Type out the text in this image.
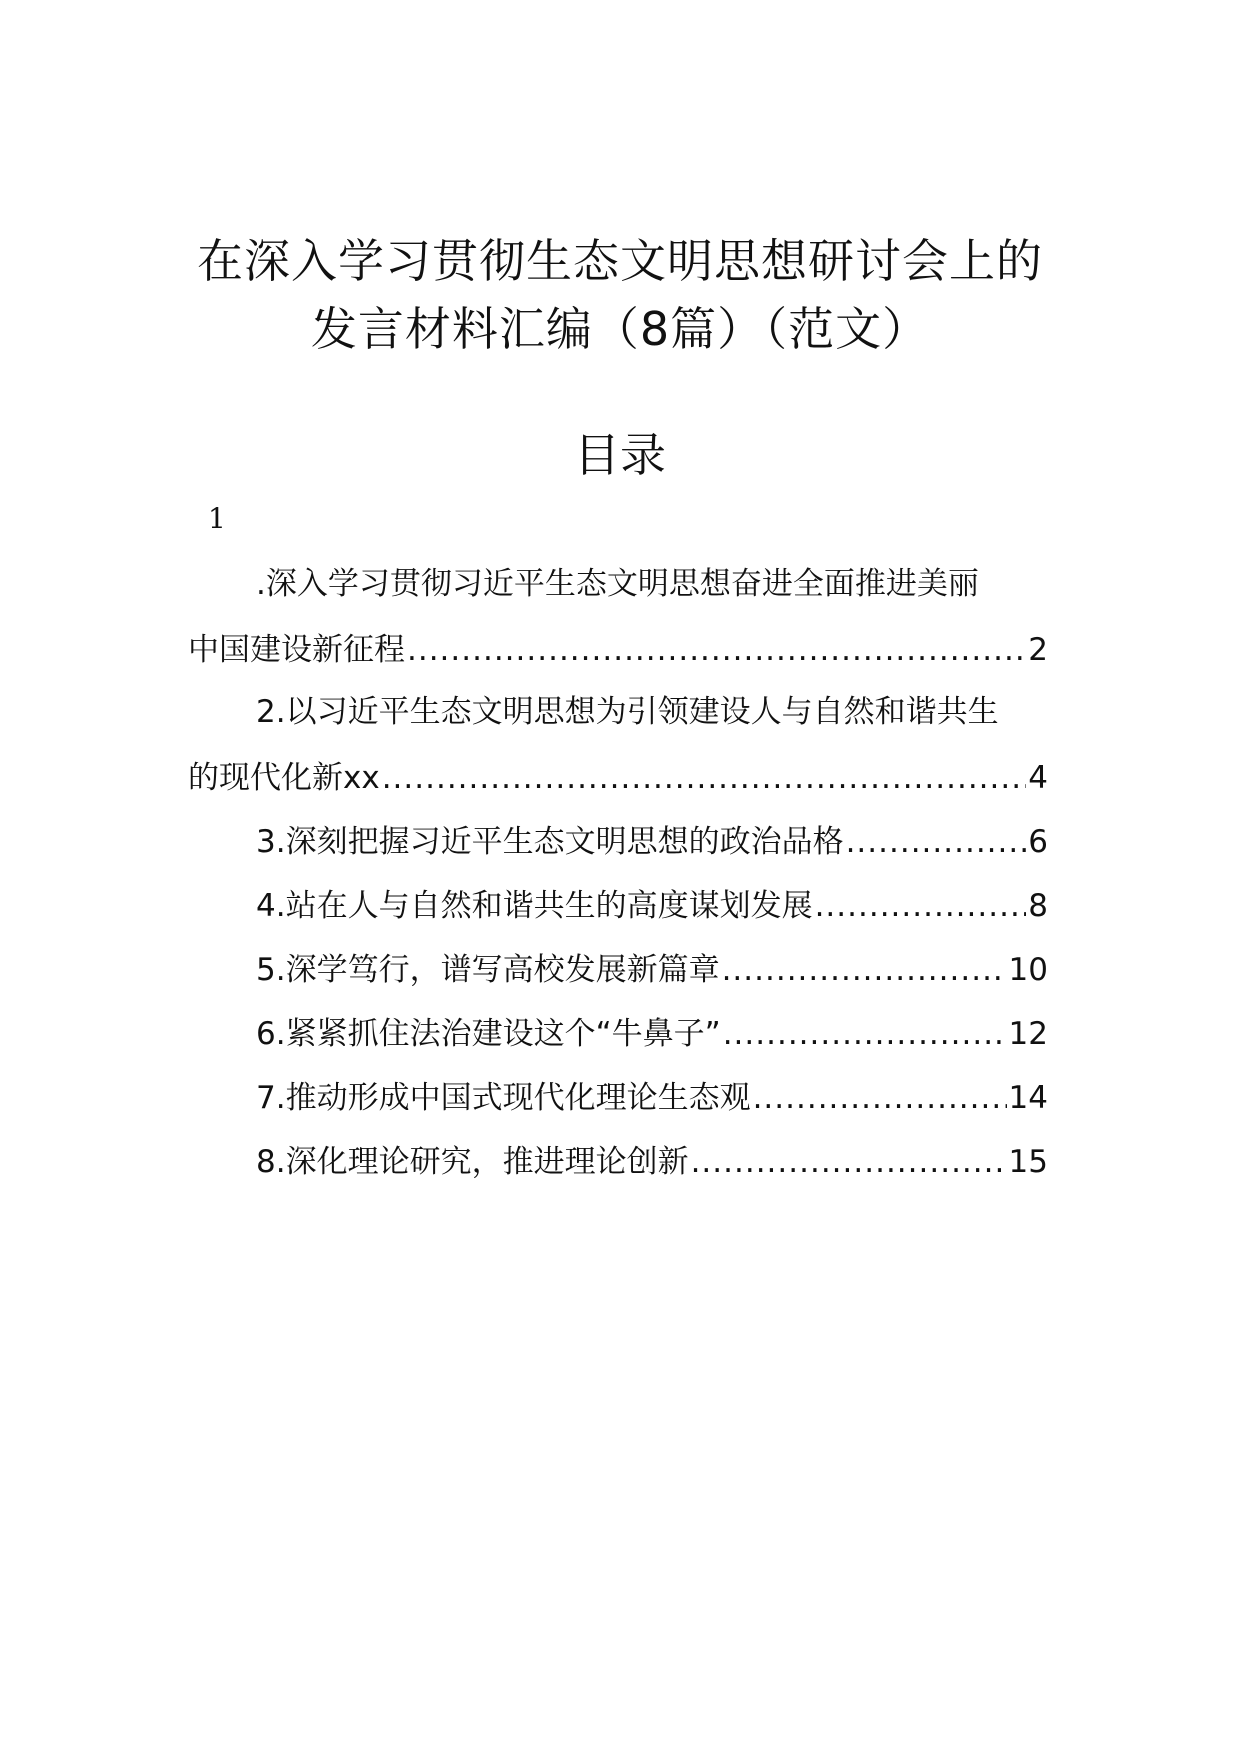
在深入学习贯彻生态文明思想研讨会上的
发言材料汇编（8篇）（范文）
目录
1
.深入学习贯彻习近平生态文明思想奋进全面推进美丽
中国建设新征程 .....	2
2.以习近平生态文明思想为引领建设人与自然和谐共生
的现代化新xx .....	4
3.深刻把握习近平生态文明思想的政治品格 .....	6
4.站在人与自然和谐共生的高度谋划发展 .....	8
5.深学笃行，谱写高校发展新篇章 .....	10
6.紧紧抓住法治建设这个“牛鼻子” .....	12
7.推动形成中国式现代化理论生态观 .....	14
8.深化理论研究，推进理论创新 .....	15
